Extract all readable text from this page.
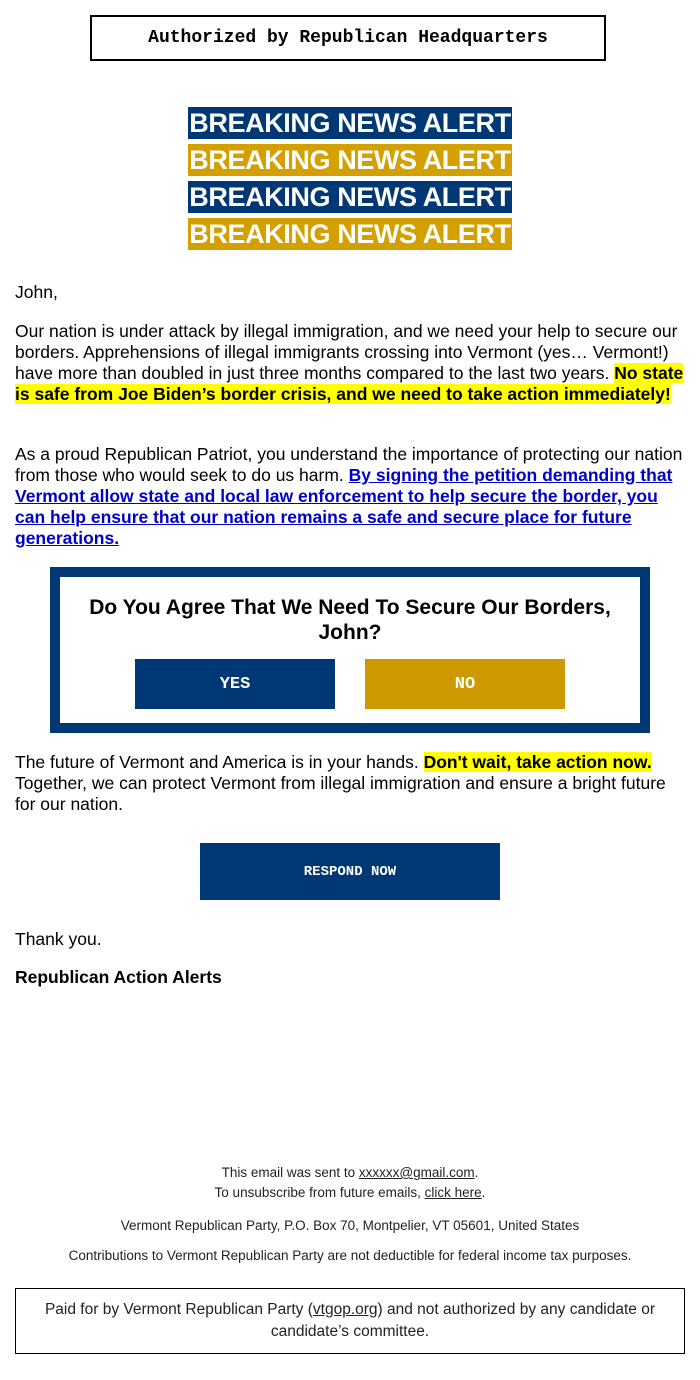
Authorized by Republican Headquarters
BREAKING NEWS ALERT
BREAKING NEWS ALERT
BREAKING NEWS ALERT
BREAKING NEWS ALERT
John,
Our nation is under attack by illegal immigration, and we need your help to secure our borders. Apprehensions of illegal immigrants crossing into Vermont (yes… Vermont!) have more than doubled in just three months compared to the last two years. No state is safe from Joe Biden’s border crisis, and we need to take action immediately!
As a proud Republican Patriot, you understand the importance of protecting our nation from those who would seek to do us harm. By signing the petition demanding that Vermont allow state and local law enforcement to help secure the border, you can help ensure that our nation remains a safe and secure place for future generations.
Do You Agree That We Need To Secure Our Borders, John?
YES	NO
The future of Vermont and America is in your hands. Don't wait, take action now. Together, we can protect Vermont from illegal immigration and ensure a bright future for our nation.
RESPOND NOW
Thank you.
Republican Action Alerts
This email was sent to xxxxxx@gmail.com.
To unsubscribe from future emails, click here.
Vermont Republican Party, P.O. Box 70, Montpelier, VT 05601, United States
Contributions to Vermont Republican Party are not deductible for federal income tax purposes.
Paid for by Vermont Republican Party (vtgop.org) and not authorized by any candidate or candidate’s committee.
